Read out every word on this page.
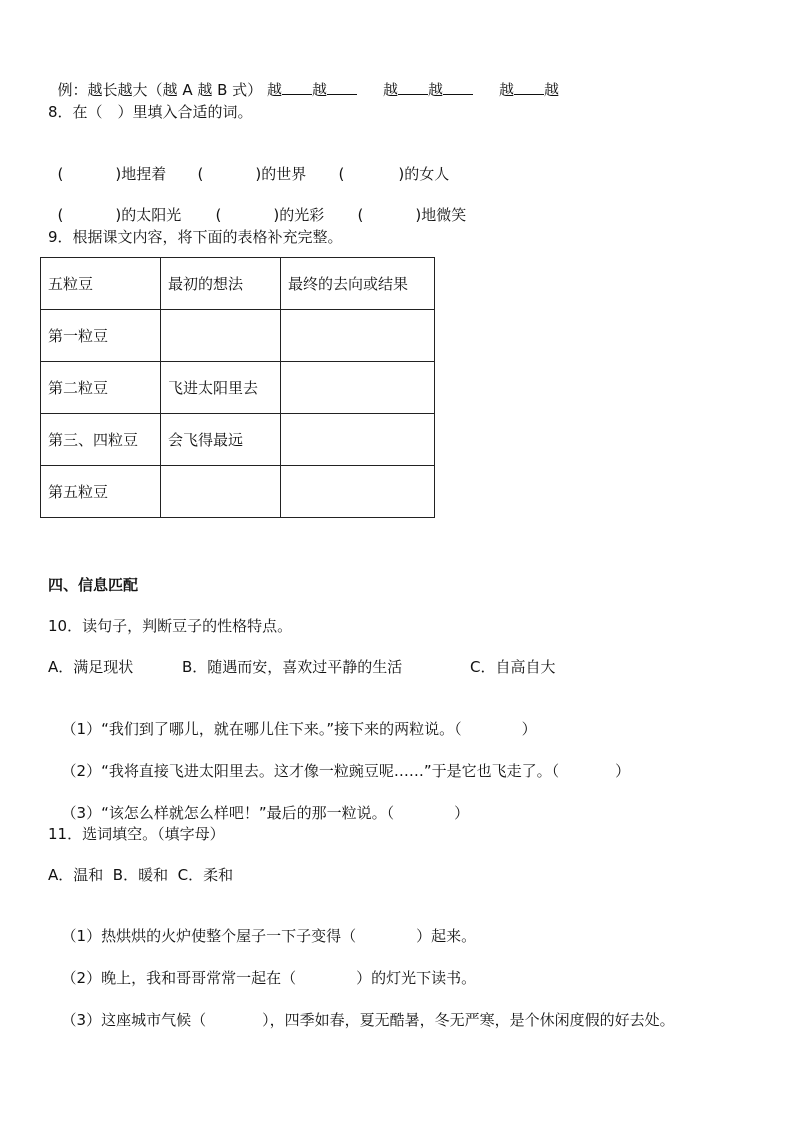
例：越长越大（越 A 越 B 式） 越 越	越 越	越 越

8．在（　）里填入合适的词。

(	)地捏着	(	)的世界	(	)的女人

(	)的太阳光	(	)的光彩	(	)地微笑

9．根据课文内容，将下面的表格补充完整。
五粒豆	最初的想法	最终的去向或结果
第一粒豆		
第二粒豆	飞进太阳里去	
第三、四粒豆	会飞得最远	
第五粒豆		
四、信息匹配
10．读句子，判断豆子的性格特点。
A．满足现状	B．随遇而安，喜欢过平静的生活	C．自高自大

（1）“我们到了哪儿，就在哪儿住下来。”接下来的两粒说。（	）

（2）“我将直接飞进太阳里去。这才像一粒豌豆呢……”于是它也飞走了。（	）

（3）“该怎么样就怎么样吧！”最后的那一粒说。（	）

11．选词填空。（填字母）
A．温和  B．暖和  C．柔和

（1）热烘烘的火炉使整个屋子一下子变得（	）起来。

（2）晚上，我和哥哥常常一起在（	）的灯光下读书。

（3）这座城市气候（	），四季如春，夏无酷暑，冬无严寒，是个休闲度假的好去处。
